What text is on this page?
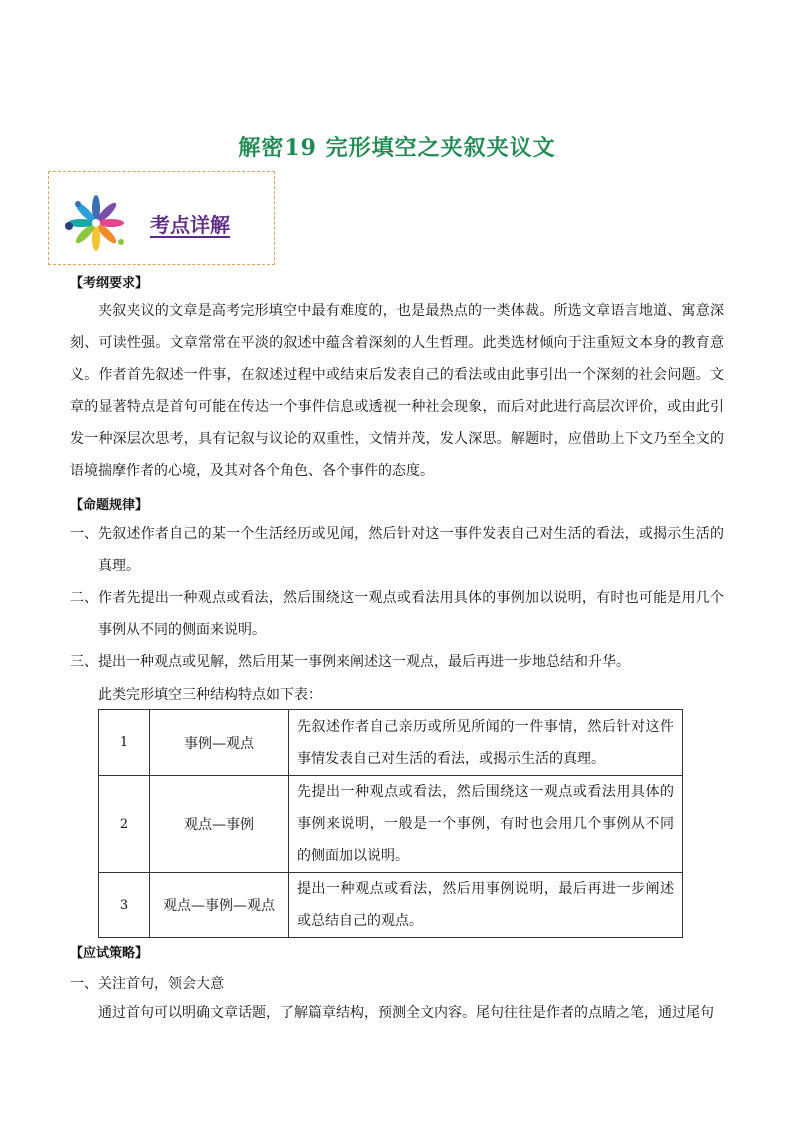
解密19 完形填空之夹叙夹议文
考点详解
【考纲要求】

夹叙夹议的文章是高考完形填空中最有难度的，也是最热点的一类体裁。所选文章语言地道、寓意深刻、可读性强。文章常常在平淡的叙述中蕴含着深刻的人生哲理。此类选材倾向于注重短文本身的教育意义。作者首先叙述一件事，在叙述过程中或结束后发表自己的看法或由此事引出一个深刻的社会问题。文章的显著特点是首句可能在传达一个事件信息或透视一种社会现象，而后对此进行高层次评价，或由此引发一种深层次思考，具有记叙与议论的双重性，文情并茂，发人深思。解题时，应借助上下文乃至全文的语境揣摩作者的心境，及其对各个角色、各个事件的态度。

【命题规律】
一、 先叙述作者自己的某一个生活经历或见闻，然后针对这一事件发表自己对生活的看法，或揭示生活的真理。
二、 作者先提出一种观点或看法，然后围绕这一观点或看法用具体的事例加以说明，有时也可能是用几个事例从不同的侧面来说明。
三、 提出一种观点或见解，然后用某一事例来阐述这一观点，最后再进一步地总结和升华。

此类完形填空三种结构特点如下表：

1	事例—观点	先叙述作者自己亲历或所见所闻的一件事情，然后针对这件事情发表自己对生活的看法，或揭示生活的真理。
2	观点—事例	先提出一种观点或看法，然后围绕这一观点或看法用具体的事例来说明，一般是一个事例，有时也会用几个事例从不同的侧面加以说明。
3	观点—事例—观点	提出一种观点或看法，然后用事例说明，最后再进一步阐述或总结自己的观点。
【应试策略】

一、关注首句，领会大意

通过首句可以明确文章话题，了解篇章结构，预测全文内容。尾句往往是作者的点睛之笔，通过尾句
